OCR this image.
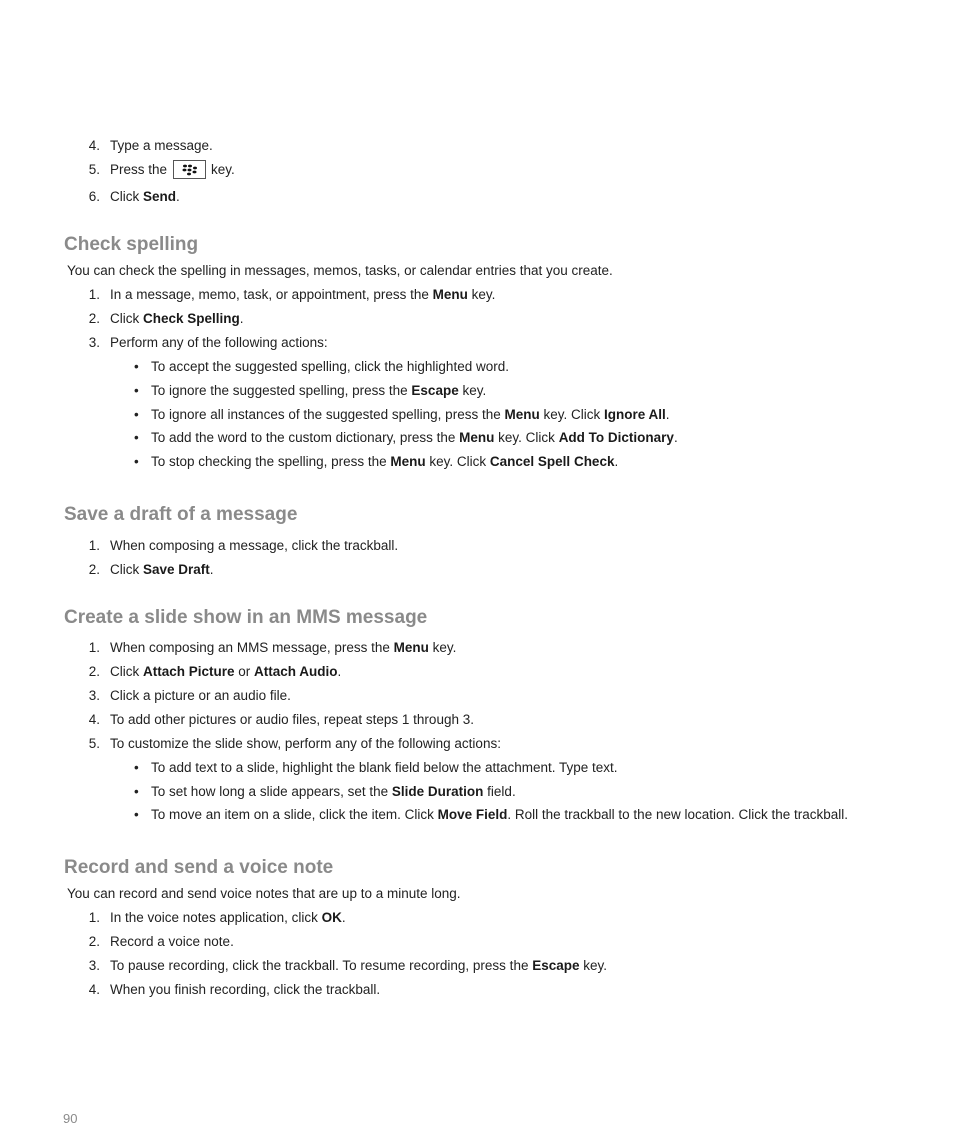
4. Type a message.
5. Press the	key.
6. Click Send.
Check spelling
You can check the spelling in messages, memos, tasks, or calendar entries that you create.
1. In a message, memo, task, or appointment, press the Menu key.
2. Click Check Spelling.
3. Perform any of the following actions:
• To accept the suggested spelling, click the highlighted word.
• To ignore the suggested spelling, press the Escape key.
• To ignore all instances of the suggested spelling, press the Menu key. Click Ignore All.
• To add the word to the custom dictionary, press the Menu key. Click Add To Dictionary.
• To stop checking the spelling, press the Menu key. Click Cancel Spell Check.
Save a draft of a message
1. When composing a message, click the trackball.
2. Click Save Draft.
Create a slide show in an MMS message
1. When composing an MMS message, press the Menu key.
2. Click Attach Picture or Attach Audio.
3. Click a picture or an audio file.
4. To add other pictures or audio files, repeat steps 1 through 3.
5. To customize the slide show, perform any of the following actions:
• To add text to a slide, highlight the blank field below the attachment. Type text.
• To set how long a slide appears, set the Slide Duration field.
• To move an item on a slide, click the item. Click Move Field. Roll the trackball to the new location. Click the trackball.
Record and send a voice note
You can record and send voice notes that are up to a minute long.
1. In the voice notes application, click OK.
2. Record a voice note.
3. To pause recording, click the trackball. To resume recording, press the Escape key.
4. When you finish recording, click the trackball.
90
